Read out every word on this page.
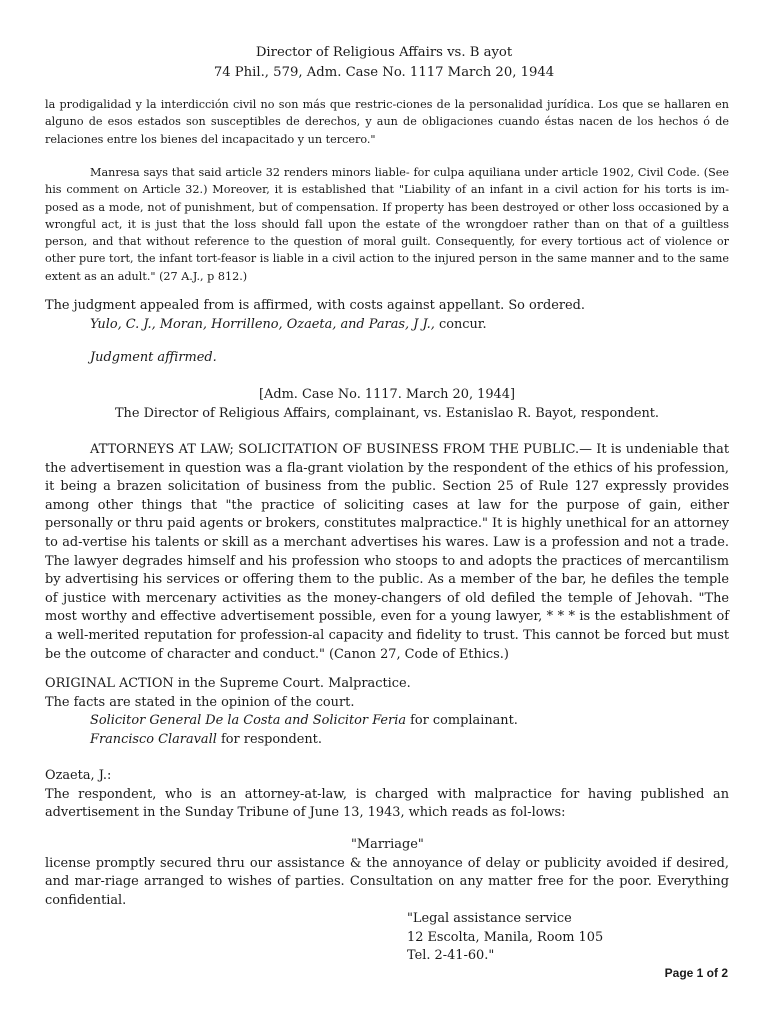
Director of Religious Affairs vs. B ayot
74 Phil., 579, Adm. Case No. 1117 March 20, 1944

la prodigalidad y la interdicción civil no son más que restric-ciones de la personalidad jurídica. Los que se hallaren en alguno de esos estados son susceptibles de derechos, y aun de obligaciones cuando éstas nacen de los hechos ó de relaciones entre los bienes del incapacitado y un tercero."

Manresa says that said article 32 renders minors liable- for culpa aquiliana under article 1902, Civil Code. (See his comment on Article 32.) Moreover, it is established that "Liability of an infant in a civil action for his torts is im-posed as a mode, not of punishment, but of compensation. If property has been destroyed or other loss occasioned by a wrongful act, it is just that the loss should fall upon the estate of the wrongdoer rather than on that of a guiltless person, and that without reference to the question of moral guilt. Consequently, for every tortious act of violence or other pure tort, the infant tort-feasor is liable in a civil action to the injured person in the same manner and to the same extent as an adult." (27 A.J., p 812.)

The judgment appealed from is affirmed, with costs against appellant. So ordered.

Yulo, C. J., Moran, Horrilleno, Ozaeta, and Paras, J J., concur.

Judgment affirmed.

[Adm. Case No. 1117. March 20, 1944]

The Director of Religious Affairs, complainant, vs. Estanislao R. Bayot, respondent.

ATTORNEYS AT LAW; SOLICITATION OF BUSINESS FROM THE PUBLIC.— It is undeniable that the advertisement in question was a fla-grant violation by the respondent of the ethics of his profession, it being a brazen solicitation of business from the public. Section 25 of Rule 127 expressly provides among other things that "the practice of soliciting cases at law for the purpose of gain, either personally or thru paid agents or brokers, constitutes malpractice." It is highly unethical for an attorney to ad-vertise his talents or skill as a merchant advertises his wares. Law is a profession and not a trade. The lawyer degrades himself and his profession who stoops to and adopts the practices of mercantilism by advertising his services or offering them to the public. As a member of the bar, he defiles the temple of justice with mercenary activities as the money-changers of old defiled the temple of Jehovah. "The most worthy and effective advertisement possible, even for a young lawyer, * * * is the establishment of a well-merited reputation for profession-al capacity and fidelity to trust. This cannot be forced but must be the outcome of character and conduct." (Canon 27, Code of Ethics.)

ORIGINAL ACTION in the Supreme Court. Malpractice.

The facts are stated in the opinion of the court.

Solicitor General De la Costa and Solicitor Feria for complainant.

Francisco Claravall for respondent.

Ozaeta, J.:

The respondent, who is an attorney-at-law, is charged with malpractice for having published an advertisement in the Sunday Tribune of June 13, 1943, which reads as fol-lows:

"Marriage"

license promptly secured thru our assistance & the annoyance of delay or publicity avoided if desired, and mar-riage arranged to wishes of parties. Consultation on any matter free for the poor. Everything confidential.

"Legal assistance service

12 Escolta, Manila, Room 105

Tel. 2-41-60."

Page 1 of 2
